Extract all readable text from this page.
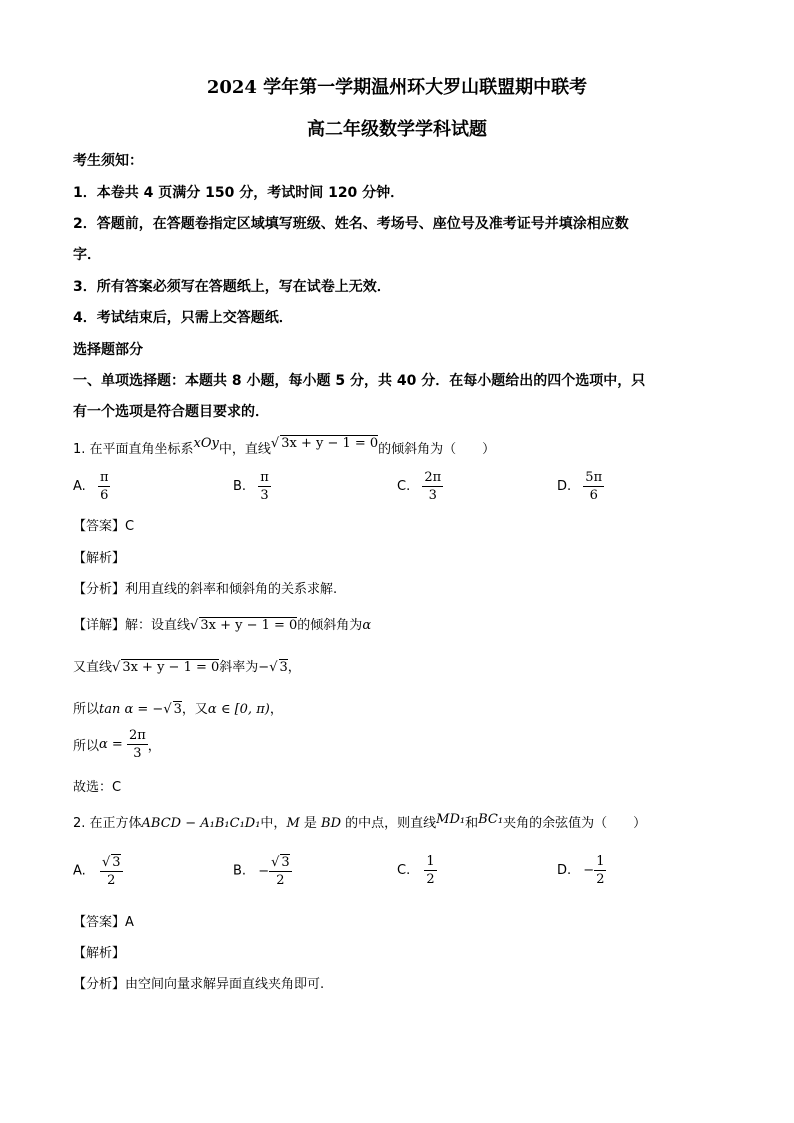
2024 学年第一学期温州环大罗山联盟期中联考
高二年级数学学科试题
考生须知：
1．本卷共 4 页满分 150 分，考试时间 120 分钟．
2．答题前，在答题卷指定区域填写班级、姓名、考场号、座位号及准考证号并填涂相应数
字．
3．所有答案必须写在答题纸上，写在试卷上无效．
4．考试结束后，只需上交答题纸．
选择题部分
一、单项选择题：本题共 8 小题，每小题 5 分，共 40 分．在每小题给出的四个选项中，只
有一个选项是符合题目要求的．
1. 在平面直角坐标系xOy中，直线√ 3x + y − 1 = 0的倾斜角为（　　）
A. $\frac{\pi}{6}$	B. $\frac{\pi}{3}$	C. $\frac{2\pi}{3}$	D. $\frac{5\pi}{6}$
【答案】C
【解析】
【分析】利用直线的斜率和倾斜角的关系求解.
【详解】解：设直线√ 3x + y − 1 = 0的倾斜角为α
又直线√ 3x + y − 1 = 0斜率为−√ 3，
所以tan α = −√ 3，又α ∈ [0, π)，
所以$\alpha = \frac{2\pi}{3}$ ，
故选：C
2. 在正方体ABCD − A₁B₁C₁D₁中，M 是 BD 的中点，则直线MD₁和BC₁夹角的余弦值为（　　）
A. $\frac{√ 3}{2}$	B. − $\frac{√ 3}{2}$	C. $\frac{1}{2}$	D. − $\frac{1}{2}$
【答案】A
【解析】
【分析】由空间向量求解异面直线夹角即可.
